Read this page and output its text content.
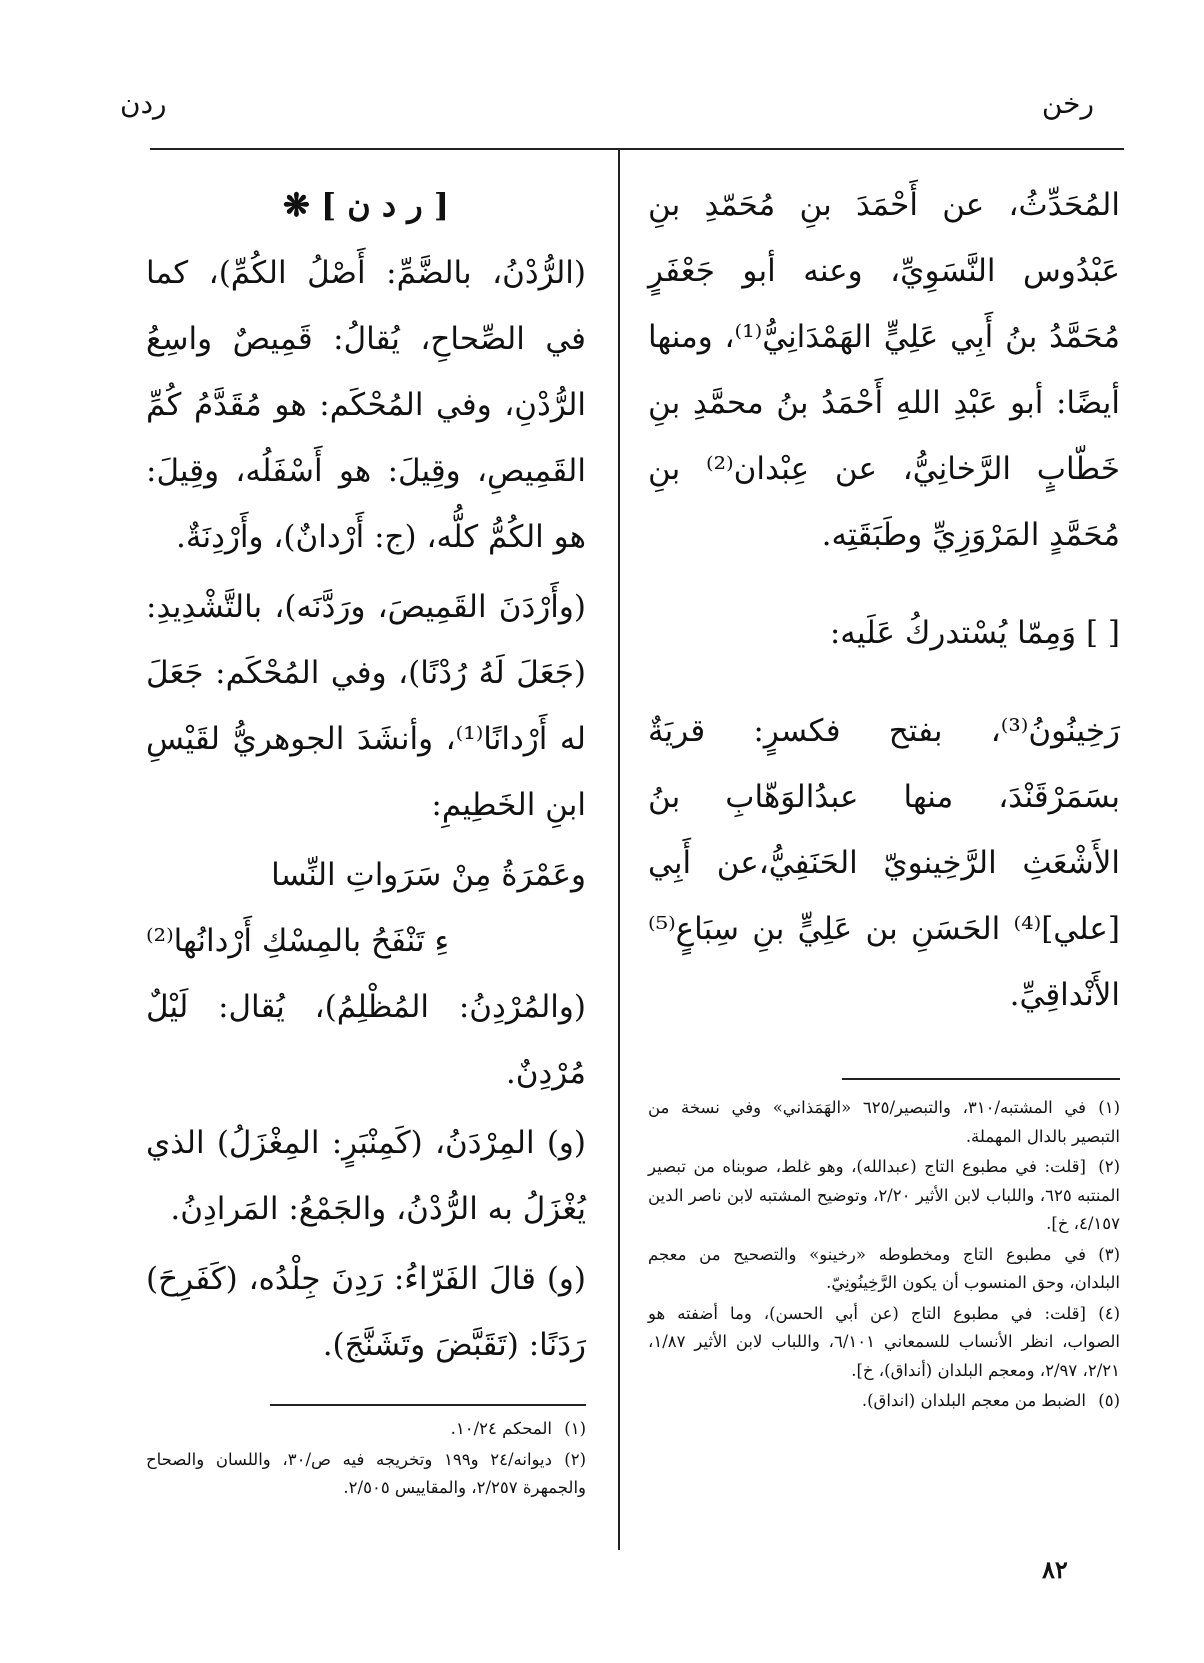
رخن
ردن

المُحَدِّثُ، عن أَحْمَدَ بنِ مُحَمّدِ بنِ عَبْدُوس النَّسَوِيِّ، وعنه أبو جَعْفَرٍ مُحَمَّدُ بنُ أَبِي عَلِيٍّ الهَمْدَانِيُّ⁽¹⁾، ومنها أيضًا: أبو عَبْدِ اللهِ أَحْمَدُ بنُ محمَّدِ بنِ خَطّابٍ الرَّخانِيُّ، عن عِبْدان⁽²⁾ بنِ مُحَمَّدٍ المَرْوَزِيِّ وطَبَقَتِه.

[ ] وَمِمّا يُسْتدركُ عَلَيه:

رَخِينُونُ⁽³⁾، بفتح فكسرٍ: قريَةٌ بسَمَرْقَنْدَ، منها عبدُالوَهّابِ بنُ الأَشْعَثِ الرَّخِينويّ الحَنَفِيُّ،عن أَبِي [علي]⁽⁴⁾ الحَسَنِ بن عَلِيٍّ بنِ سِبَاعٍ⁽⁵⁾ الأَنْداقِيِّ.

(١)في المشتبه/٣١٠، والتبصير/٦٢٥ «الهَمَذاني» وفي نسخة من التبصير بالدال المهملة.
(٢)[قلت: في مطبوع التاج (عبدالله)، وهو غلط، صوبناه من تبصير المنتبه ٦٢٥، واللباب لابن الأثير ٢/٢٠، وتوضيح المشتبه لابن ناصر الدين ٤/١٥٧، خ].
(٣)في مطبوع التاج ومخطوطه «رخينو» والتصحيح من معجم البلدان، وحق المنسوب أن يكون الرَّخِينُونِيّ.
(٤)[قلت: في مطبوع التاج (عن أبي الحسن)، وما أضفته هو الصواب، انظر الأنساب للسمعاني ٦/١٠١، واللباب لابن الأثير ١/٨٧، ٢/٢١، ٢/٩٧، ومعجم البلدان (أنداق)، خ].
(٥)الضبط من معجم البلدان (انداق).
[ ر د ن ] ❋

(الرُّدْنُ، بالضَّمِّ: أَصْلُ الكُمِّ)، كما في الصِّحاحِ، يُقالُ: قَمِيصٌ واسِعُ الرُّدْنِ، وفي المُحْكَم: هو مُقَدَّمُ كُمِّ القَمِيصِ، وقِيلَ: هو أَسْفَلُه، وقِيلَ: هو الكُمُّ كلُّه، (ج: أَرْدانٌ)، وأَرْدِنَةٌ.

(وأَرْدَنَ القَمِيصَ، ورَدَّنَه)، بالتَّشْدِيدِ: (جَعَلَ لَهُ رُدْنًا)، وفي المُحْكَم: جَعَلَ له أَرْدانًا⁽¹⁾، وأنشَدَ الجوهريُّ لقَيْسِ ابنِ الخَطِيمِ:

وعَمْرَةُ مِنْ سَرَواتِ النِّسا
ءِ تَنْفَحُ بالمِسْكِ أَرْدانُها⁽²⁾

(والمُرْدِنُ: المُظْلِمُ)، يُقال: لَيْلٌ مُرْدِنٌ.

(و) المِرْدَنُ، (كَمِنْبَرٍ: المِغْزَلُ) الذي يُغْزَلُ به الرُّدْنُ، والجَمْعُ: المَرادِنُ.

(و) قالَ الفَرّاءُ: رَدِنَ جِلْدُه، (كَفَرِحَ) رَدَنًا: (تَقَبَّضَ وتَشَنَّجَ).

(١)المحكم ١٠/٢٤.
(٢)ديوانه/٢٤ و١٩٩ وتخريجه فيه ص/٣٠، واللسان والصحاح والجمهرة ٢/٢٥٧، والمقاييس ٢/٥٠٥.
٨٢
